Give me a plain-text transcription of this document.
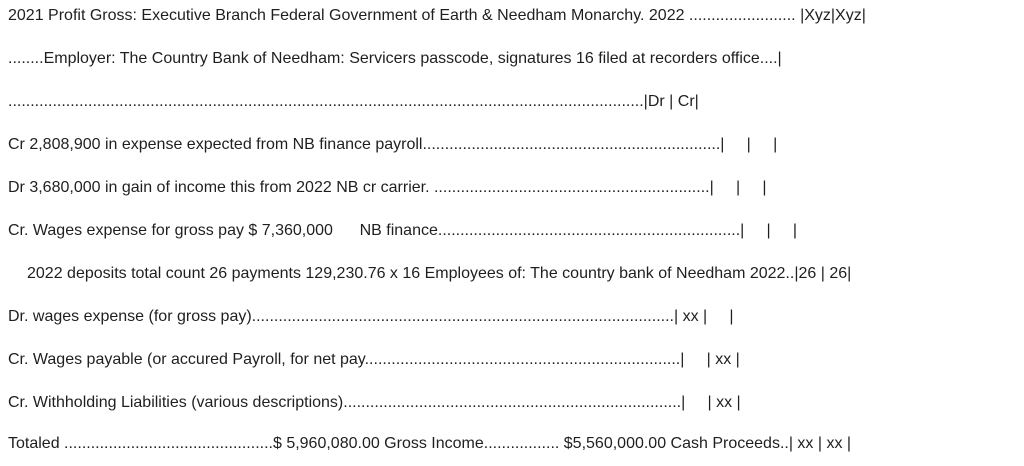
2021 Profit Gross: Executive Branch Federal Government of Earth & Needham Monarchy. 2022 ........................ |Xyz|Xyz|
........Employer: The Country Bank of Needham: Servicers passcode, signatures 16 filed at recorders office....|
...............................................................................................................................................|Dr | Cr|
Cr 2,808,900 in expense expected from NB finance payroll...................................................................|     |     |
Dr 3,680,000 in gain of income this from 2022 NB cr carrier. ..............................................................|     |     |
Cr. Wages expense for gross pay $ 7,360,000      NB finance....................................................................|     |     |
2022 deposits total count 26 payments 129,230.76 x 16 Employees of: The country bank of Needham 2022..|26 | 26|
Dr. wages expense (for gross pay)...............................................................................................| xx |     |
Cr. Wages payable (or accured Payroll, for net pay.......................................................................|     | xx |
Cr. Withholding Liabilities (various descriptions)............................................................................|     | xx |
Totaled ...............................................$ 5,960,080.00 Gross Income................. $5,560,000.00 Cash Proceeds..| xx | xx |
